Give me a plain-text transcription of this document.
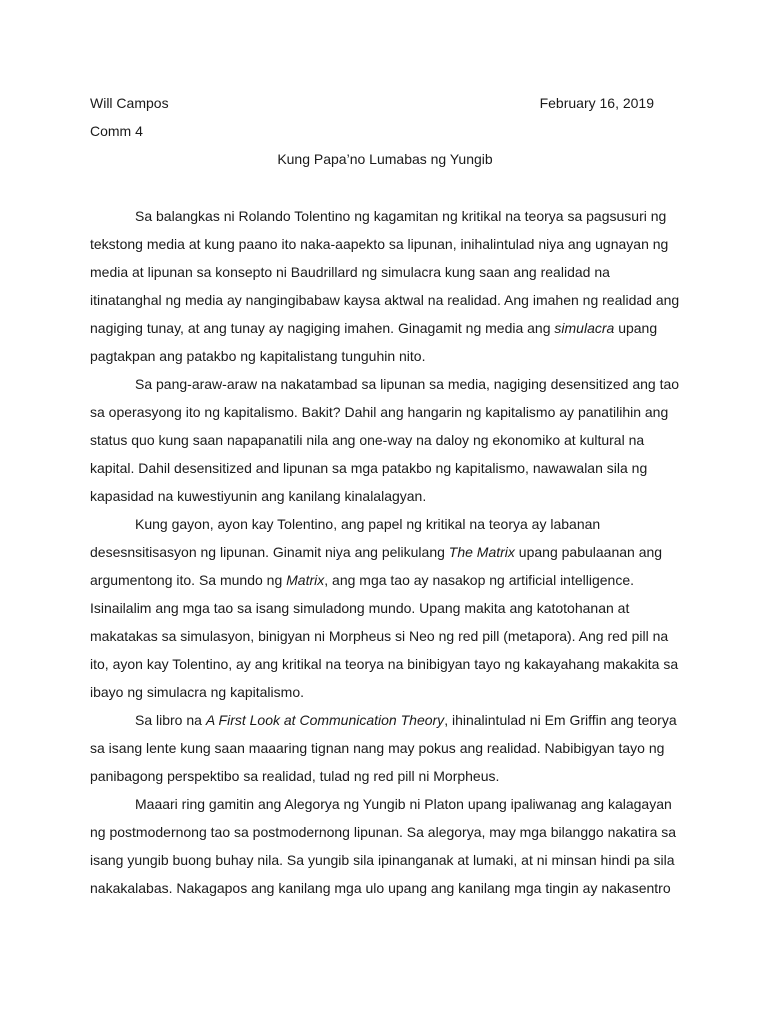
Will Campos	February 16, 2019
Comm 4
Kung Papa’no Lumabas ng Yungib

Sa balangkas ni Rolando Tolentino ng kagamitan ng kritikal na teorya sa pagsusuri ng tekstong media at kung paano ito naka-aapekto sa lipunan, inihalintulad niya ang ugnayan ng media at lipunan sa konsepto ni Baudrillard ng simulacra kung saan ang realidad na itinatanghal ng media ay nangingibabaw kaysa aktwal na realidad. Ang imahen ng realidad ang nagiging tunay, at ang tunay ay nagiging imahen. Ginagamit ng media ang simulacra upang pagtakpan ang patakbo ng kapitalistang tunguhin nito.

Sa pang-araw-araw na nakatambad sa lipunan sa media, nagiging desensitized ang tao sa operasyong ito ng kapitalismo. Bakit? Dahil ang hangarin ng kapitalismo ay panatilihin ang status quo kung saan napapanatili nila ang one-way na daloy ng ekonomiko at kultural na kapital. Dahil desensitized and lipunan sa mga patakbo ng kapitalismo, nawawalan sila ng kapasidad na kuwestiyunin ang kanilang kinalalagyan.

Kung gayon, ayon kay Tolentino, ang papel ng kritikal na teorya ay labanan desesnsitisasyon ng lipunan. Ginamit niya ang pelikulang The Matrix upang pabulaanan ang argumentong ito. Sa mundo ng Matrix, ang mga tao ay nasakop ng artificial intelligence. Isinailalim ang mga tao sa isang simuladong mundo. Upang makita ang katotohanan at makatakas sa simulasyon, binigyan ni Morpheus si Neo ng red pill (metapora). Ang red pill na ito, ayon kay Tolentino, ay ang kritikal na teorya na binibigyan tayo ng kakayahang makakita sa ibayo ng simulacra ng kapitalismo.

Sa libro na A First Look at Communication Theory, ihinalintulad ni Em Griffin ang teorya sa isang lente kung saan maaaring tignan nang may pokus ang realidad. Nabibigyan tayo ng panibagong perspektibo sa realidad, tulad ng red pill ni Morpheus.

Maaari ring gamitin ang Alegorya ng Yungib ni Platon upang ipaliwanag ang kalagayan ng postmodernong tao sa postmodernong lipunan. Sa alegorya, may mga bilanggo nakatira sa isang yungib buong buhay nila. Sa yungib sila ipinanganak at lumaki, at ni minsan hindi pa sila nakakalabas. Nakagapos ang kanilang mga ulo upang ang kanilang mga tingin ay nakasentro
